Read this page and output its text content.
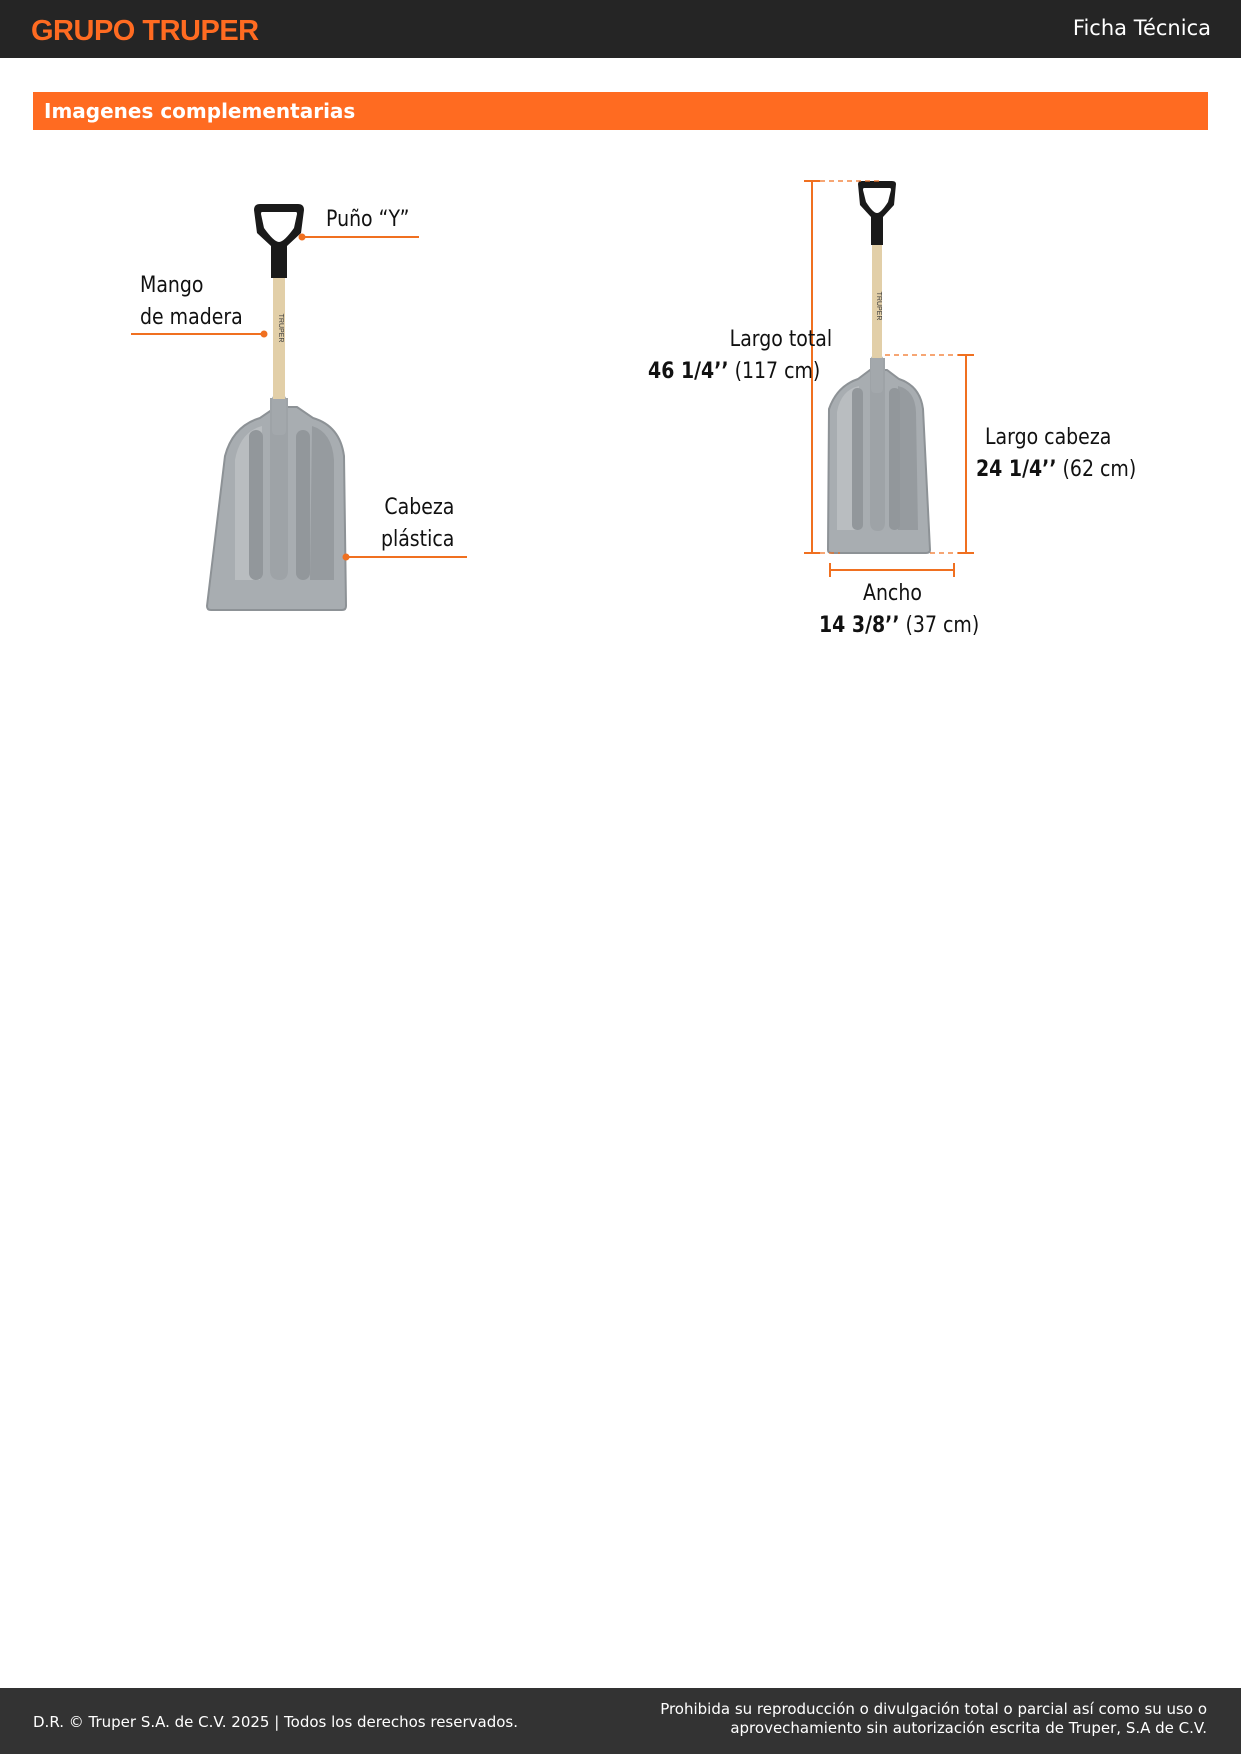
GRUPO TRUPER	Ficha Técnica
Imagenes complementarias
TRUPER
Puño “Y”
Mango
de madera
Cabeza
plástica
TRUPER
Largo total
46 1/4’’ (117 cm)
Largo cabeza
24 1/4’’ (62 cm)
Ancho
14 3/8’’ (37 cm)
D.R. © Truper S.A. de C.V. 2025 | Todos los derechos reservados.
Prohibida su reproducción o divulgación total o parcial así como su uso o
aprovechamiento sin autorización escrita de Truper, S.A de C.V.
